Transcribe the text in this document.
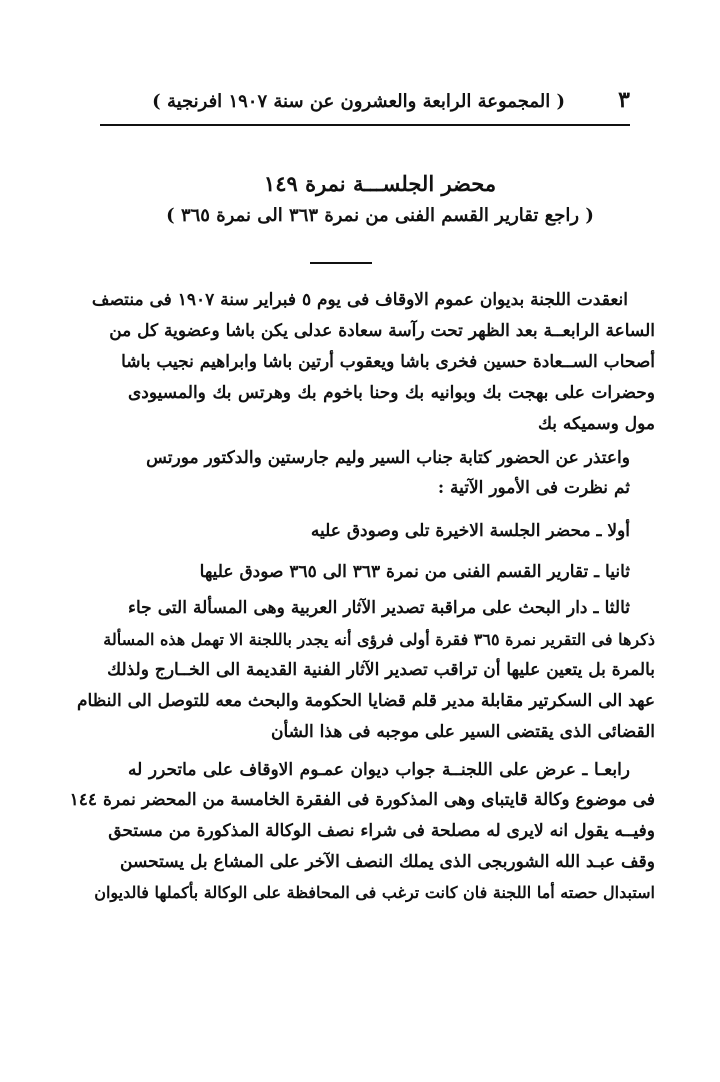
٣
( المجموعة الرابعة والعشرون عن سنة ١٩٠٧ افرنجية )
محضر الجلســـة نمرة ١٤٩
( راجع تقارير القسم الفنى من نمرة ٣٦٣ الى نمرة ٣٦٥ )
انعقدت اللجنة بديوان عموم الاوقاف فى يوم ٥ فبراير سنة ١٩٠٧ فى منتصف
الساعة الرابعــة بعد الظهر تحت رآسة سعادة عدلى يكن باشا وعضوية كل من
أصحاب الســعادة حسين فخرى باشا ويعقوب أرتين باشا وابراهيم نجيب باشا
وحضرات على بهجت بك وبوانيه بك وحنا باخوم بك وهرتس بك والمسيودى
مول وسميكه بك
واعتذر عن الحضور كتابة جناب السير وليم جارستين والدكتور مورتس
ثم نظرت فى الأمور الآتية :
أولا ـ محضر الجلسة الاخيرة تلى وصودق عليه
ثانيا ـ تقارير القسم الفنى من نمرة ٣٦٣ الى ٣٦٥ صودق عليها
ثالثا ـ دار البحث على مراقبة تصدير الآثار العربية وهى المسألة التى جاء
ذكرها فى التقرير نمرة ٣٦٥ فقرة أولى فرؤى أنه يجدر باللجنة الا تهمل هذه المسألة
بالمرة بل يتعين عليها أن تراقب تصدير الآثار الفنية القديمة الى الخــارج ولذلك
عهد الى السكرتير مقابلة مدير قلم قضايا الحكومة والبحث معه للتوصل الى النظام
القضائى الذى يقتضى السير على موجبه فى هذا الشأن
رابعـا ـ عرض على اللجنــة جواب ديوان عمـوم الاوقاف على ماتحرر له
فى موضوع وكالة قايتباى وهى المذكورة فى الفقرة الخامسة من المحضر نمرة ١٤٤
وفيــه يقول انه لايرى له مصلحة فى شراء نصف الوكالة المذكورة من مستحق
وقف عبـد الله الشوربجى الذى يملك النصف الآخر على المشاع بل يستحسن
استبدال حصته أما اللجنة فان كانت ترغب فى المحافظة على الوكالة بأكملها فالديوان
